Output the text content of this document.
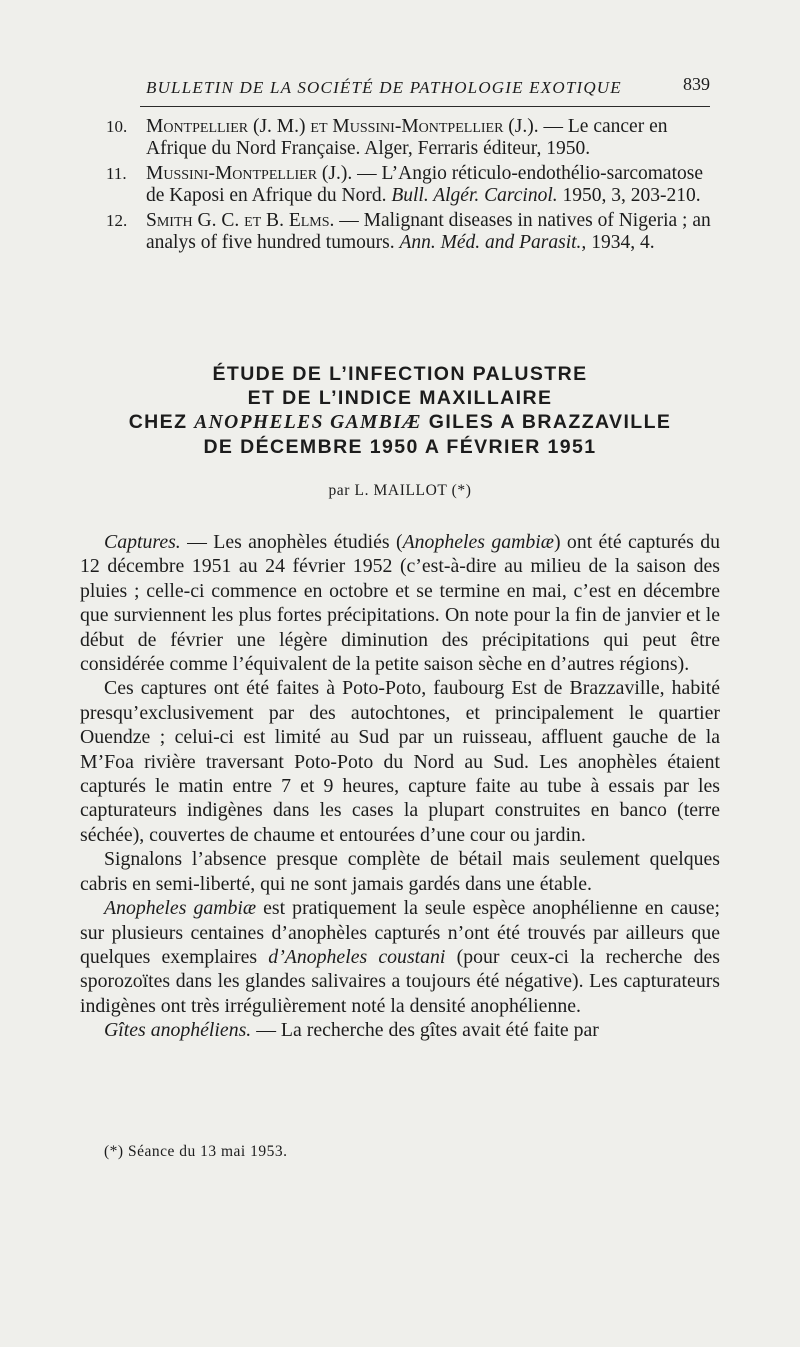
BULLETIN DE LA SOCIÉTÉ DE PATHOLOGIE EXOTIQUE	839
10. Montpellier (J. M.) et Mussini-Montpellier (J.). — Le cancer en Afrique du Nord Française. Alger, Ferraris éditeur, 1950.
11. Mussini-Montpellier (J.). — L’Angio réticulo-endothélio-sarcomatose de Kaposi en Afrique du Nord. Bull. Algér. Carcinol. 1950, 3, 203-210.
12. Smith G. C. et B. Elms. — Malignant diseases in natives of Nigeria ; an analys of five hundred tumours. Ann. Méd. and Parasit., 1934, 4.
ÉTUDE DE L’INFECTION PALUSTRE
ET DE L’INDICE MAXILLAIRE
CHEZ ANOPHELES GAMBIÆ GILES A BRAZZAVILLE
DE DÉCEMBRE 1950 A FÉVRIER 1951
par L. MAILLOT (*)

Captures. — Les anophèles étudiés (Anopheles gambiæ) ont été capturés du 12 décembre 1951 au 24 février 1952 (c’est-à-dire au milieu de la saison des pluies ; celle-ci commence en octobre et se termine en mai, c’est en décembre que surviennent les plus fortes précipitations. On note pour la fin de janvier et le début de février une légère diminution des précipitations qui peut être considérée comme l’équivalent de la petite saison sèche en d’autres régions).

Ces captures ont été faites à Poto-Poto, faubourg Est de Brazzaville, habité presqu’exclusivement par des autochtones, et principalement le quartier Ouendze ; celui-ci est limité au Sud par un ruisseau, affluent gauche de la M’Foa rivière traversant Poto-Poto du Nord au Sud. Les anophèles étaient capturés le matin entre 7 et 9 heures, capture faite au tube à essais par les capturateurs indigènes dans les cases la plupart construites en banco (terre séchée), couvertes de chaume et entourées d’une cour ou jardin.

Signalons l’absence presque complète de bétail mais seulement quelques cabris en semi-liberté, qui ne sont jamais gardés dans une étable.

Anopheles gambiæ est pratiquement la seule espèce anophélienne en cause; sur plusieurs centaines d’anophèles capturés n’ont été trouvés par ailleurs que quelques exemplaires d’Anopheles coustani (pour ceux-ci la recherche des sporozoïtes dans les glandes salivaires a toujours été négative). Les capturateurs indigènes ont très irrégulièrement noté la densité anophélienne.

Gîtes anophéliens. — La recherche des gîtes avait été faite par

(*) Séance du 13 mai 1953.
